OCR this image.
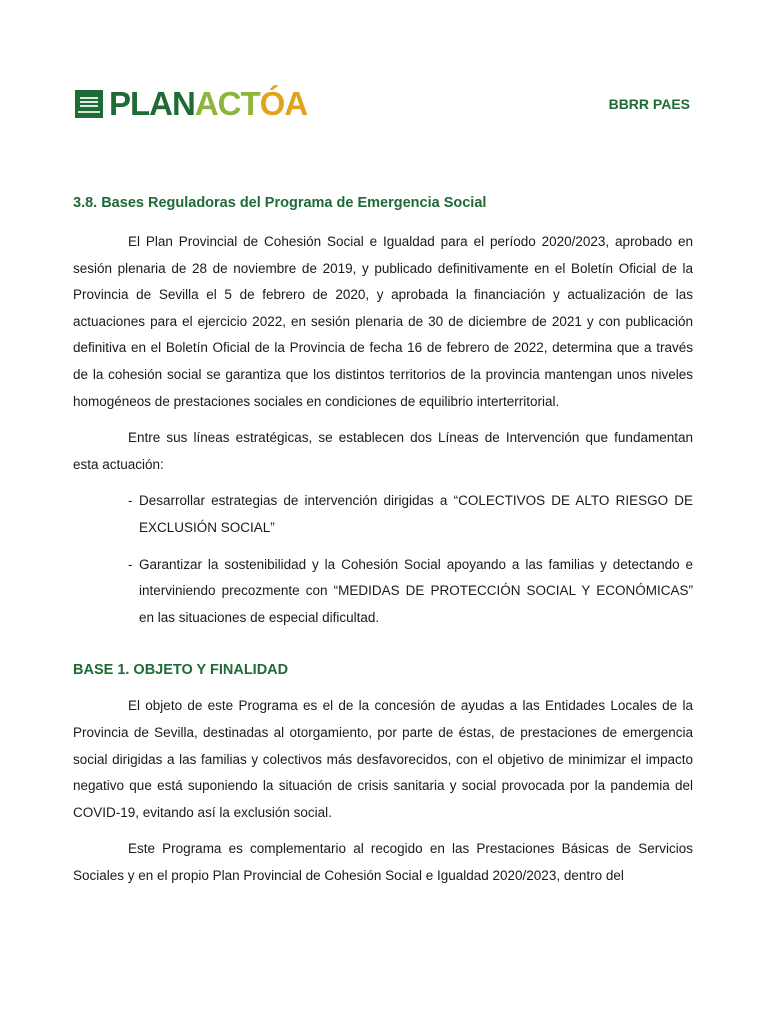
PLANACTÓA	BBRR PAES
3.8. Bases Reguladoras del Programa de Emergencia Social

El Plan Provincial de Cohesión Social e Igualdad para el período 2020/2023, aprobado en sesión plenaria de 28 de noviembre de 2019, y publicado definitivamente en el Boletín Oficial de la Provincia de Sevilla el 5 de febrero de 2020, y aprobada la financiación y actualización de las actuaciones para el ejercicio 2022, en sesión plenaria de 30 de diciembre de 2021 y con publicación definitiva en el Boletín Oficial de la Provincia de fecha 16 de febrero de 2022, determina que a través de la cohesión social se garantiza que los distintos territorios de la provincia mantengan unos niveles homogéneos de prestaciones sociales en condiciones de equilibrio interterritorial.

Entre sus líneas estratégicas, se establecen dos Líneas de Intervención que fundamentan esta actuación:

- Desarrollar estrategias de intervención dirigidas a “COLECTIVOS DE ALTO RIESGO DE EXCLUSIÓN SOCIAL”
- Garantizar la sostenibilidad y la Cohesión Social apoyando a las familias y detectando e interviniendo precozmente con “MEDIDAS DE PROTECCIÓN SOCIAL Y ECONÓMICAS” en las situaciones de especial dificultad.
BASE 1. OBJETO Y FINALIDAD

El objeto de este Programa es el de la concesión de ayudas a las Entidades Locales de la Provincia de Sevilla, destinadas al otorgamiento, por parte de éstas, de prestaciones de emergencia social dirigidas a las familias y colectivos más desfavorecidos, con el objetivo de minimizar el impacto negativo que está suponiendo la situación de crisis sanitaria y social provocada por la pandemia del COVID-19, evitando así la exclusión social.

Este Programa es complementario al recogido en las Prestaciones Básicas de Servicios Sociales y en el propio Plan Provincial de Cohesión Social e Igualdad 2020/2023, dentro del
